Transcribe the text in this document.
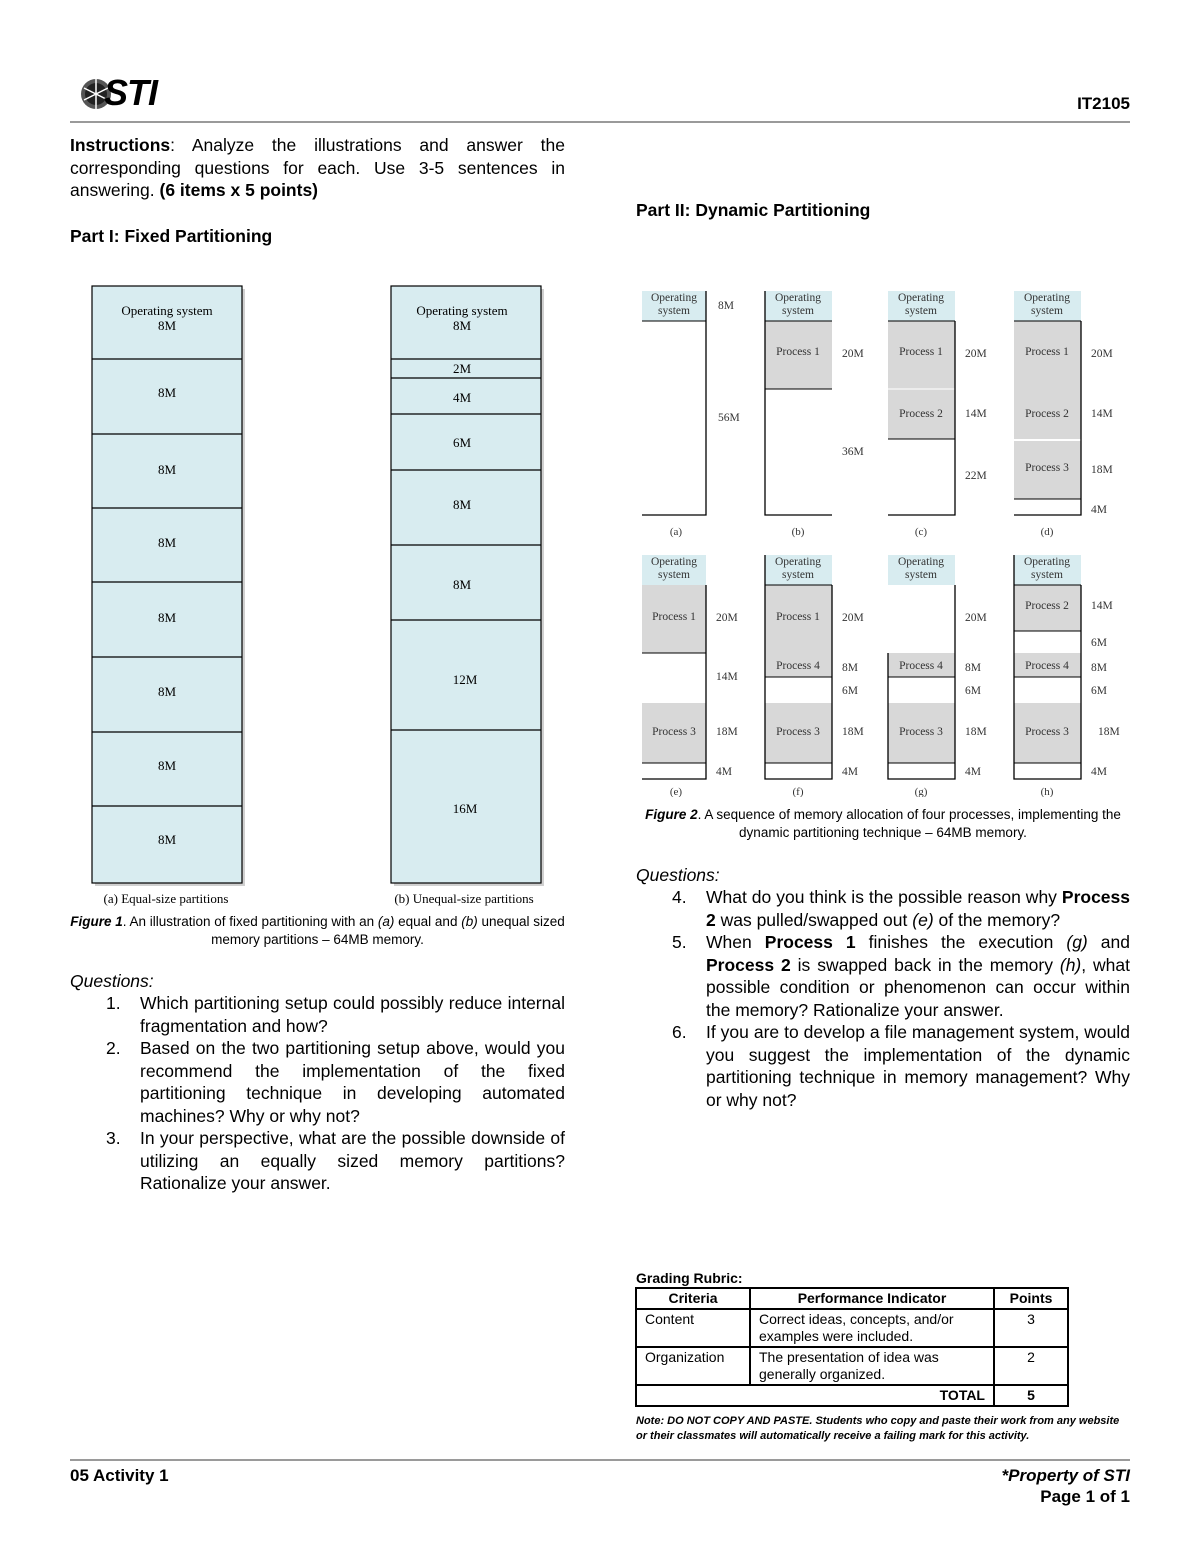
STI	IT2105
Instructions: Analyze the illustrations and answer the corresponding questions for each. Use 3-5 sentences in answering. (6 items x 5 points)
Part I: Fixed Partitioning
Part II: Dynamic Partitioning
Operating system
8M
8M
8M
8M
8M
8M
8M
8M
(a) Equal-size partitions
Operating system
8M
2M
4M
6M
8M
8M
12M
16M
(b) Unequal-size partitions
Figure 1. An illustration of fixed partitioning with an (a) equal and (b) unequal sized memory partitions – 64MB memory.
Questions:
1. Which partitioning setup could possibly reduce internal fragmentation and how?
2. Based on the two partitioning setup above, would you recommend the implementation of the fixed partitioning technique in developing automated machines? Why or why not?
3. In your perspective, what are the possible downside of utilizing an equally sized memory partitions? Rationalize your answer.
Operating
system 8M
56M
(a)
Operating
system
Process 1 20M
36M
(b)
Operating
system
Process 1
Process 2
20M
14M
22M
(c)
Operating
system
Process 1
Process 2
Process 3
20M
14M
18M
4M
(d)
Operating
system
Process 1
Process 3
20M
14M
18M
4M
(e)
Operating
system
Process 1
Process 4
Process 3
20M
8M
6M
18M
4M
(f)
Operating
system
Process 4
Process 3
20M
8M
6M
18M
4M
(g)
Operating
system
Process 2
Process 4
Process 3
14M
6M
8M
6M
18M
4M
(h)
Figure 2. A sequence of memory allocation of four processes, implementing the dynamic partitioning technique – 64MB memory.
Questions:
4. What do you think is the possible reason why Process 2 was pulled/swapped out (e) of the memory?
5. When Process 1 finishes the execution (g) and Process 2 is swapped back in the memory (h), what possible condition or phenomenon can occur within the memory? Rationalize your answer.
6. If you are to develop a file management system, would you suggest the implementation of the dynamic partitioning technique in memory management? Why or why not?
Grading Rubric:
Criteria	Performance Indicator	Points
Content	Correct ideas, concepts, and/or examples were included.	3
Organization	The presentation of idea was generally organized.	2
TOTAL		5
Note: DO NOT COPY AND PASTE. Students who copy and paste their work from any website or their classmates will automatically receive a failing mark for this activity.
05 Activity 1	*Property of STI
Page 1 of 1
